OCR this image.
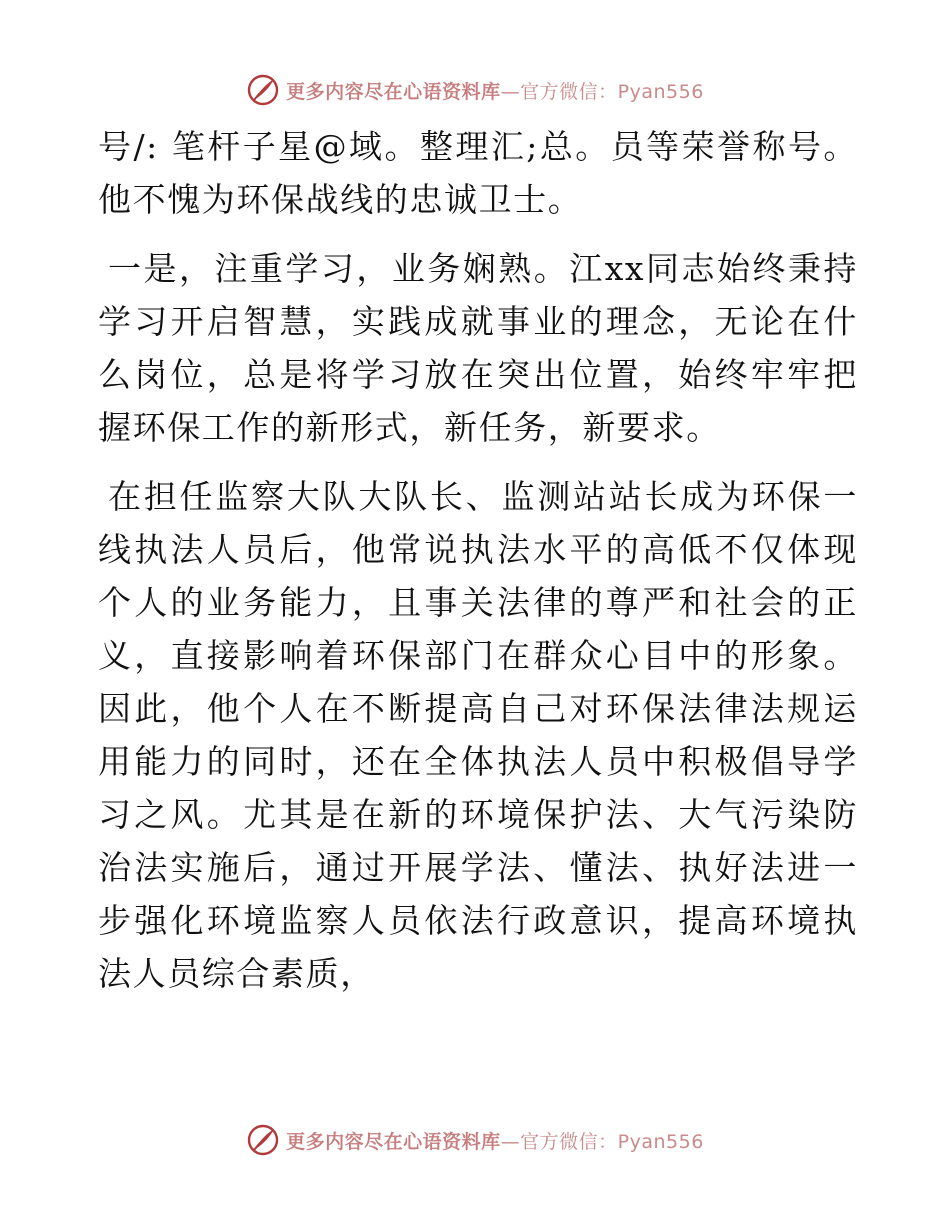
更多内容尽在心语资料库—官方微信：Pyan556

号/: 笔杆子星@域。整理汇;总。员等荣誉称号。他不愧为环保战线的忠诚卫士。

一是，注重学习，业务娴熟。江xx同志始终秉持学习开启智慧，实践成就事业的理念，无论在什么岗位，总是将学习放在突出位置，始终牢牢把握环保工作的新形式，新任务，新要求。

在担任监察大队大队长、监测站站长成为环保一线执法人员后，他常说执法水平的高低不仅体现个人的业务能力，且事关法律的尊严和社会的正义，直接影响着环保部门在群众心目中的形象。因此，他个人在不断提高自己对环保法律法规运用能力的同时，还在全体执法人员中积极倡导学习之风。尤其是在新的环境保护法、大气污染防治法实施后，通过开展学法、懂法、执好法进一步强化环境监察人员依法行政意识，提高环境执法人员综合素质，

更多内容尽在心语资料库—官方微信：Pyan556
